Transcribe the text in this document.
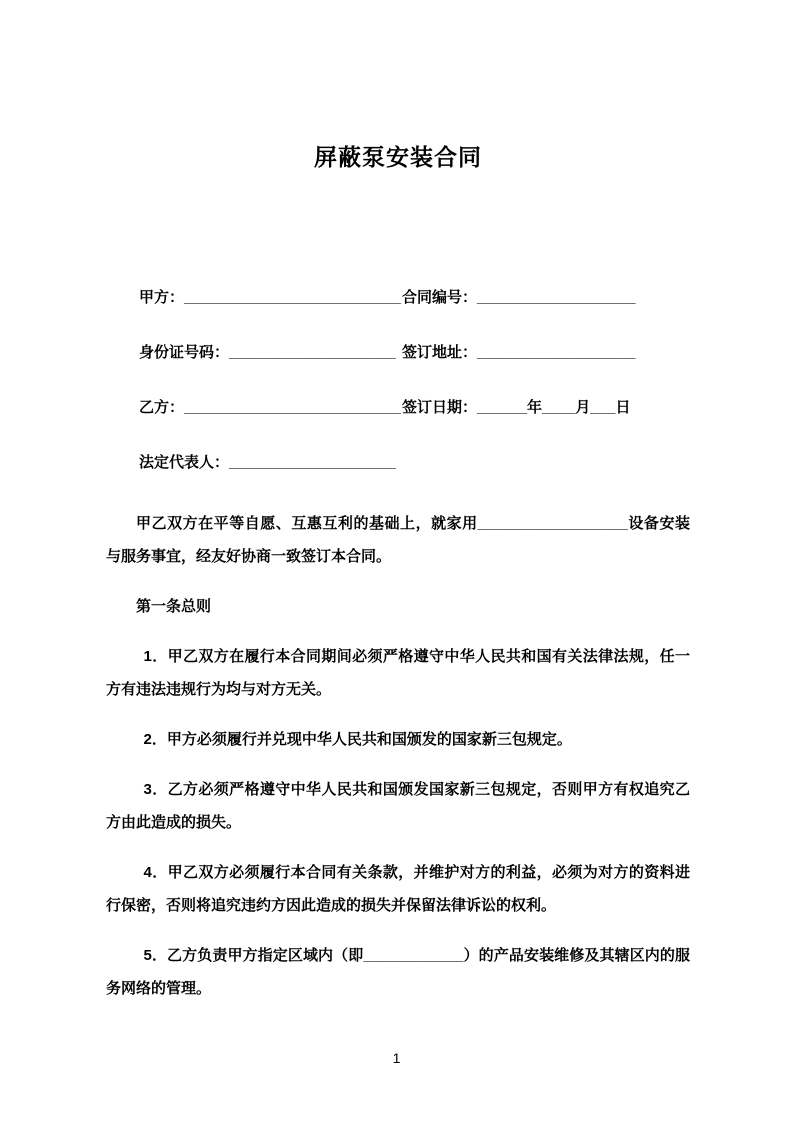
屏蔽泵安装合同
甲方：__________________________ 合同编号：___________________
身份证号码：____________________ 签订地址：___________________
乙方：__________________________ 签订日期：______年____月___日
法定代表人：____________________

甲乙双方在平等自愿、互惠互利的基础上，就家用__________________设备安装与服务事宜，经友好协商一致签订本合同。

第一条总则

1．甲乙双方在履行本合同期间必须严格遵守中华人民共和国有关法律法规，任一方有违法违规行为均与对方无关。

2．甲方必须履行并兑现中华人民共和国颁发的国家新三包规定。

3．乙方必须严格遵守中华人民共和国颁发国家新三包规定，否则甲方有权追究乙方由此造成的损失。

4．甲乙双方必须履行本合同有关条款，并维护对方的利益，必须为对方的资料进行保密，否则将追究违约方因此造成的损失并保留法律诉讼的权利。

5．乙方负责甲方指定区域内（即____________）的产品安装维修及其辖区内的服务网络的管理。

1
